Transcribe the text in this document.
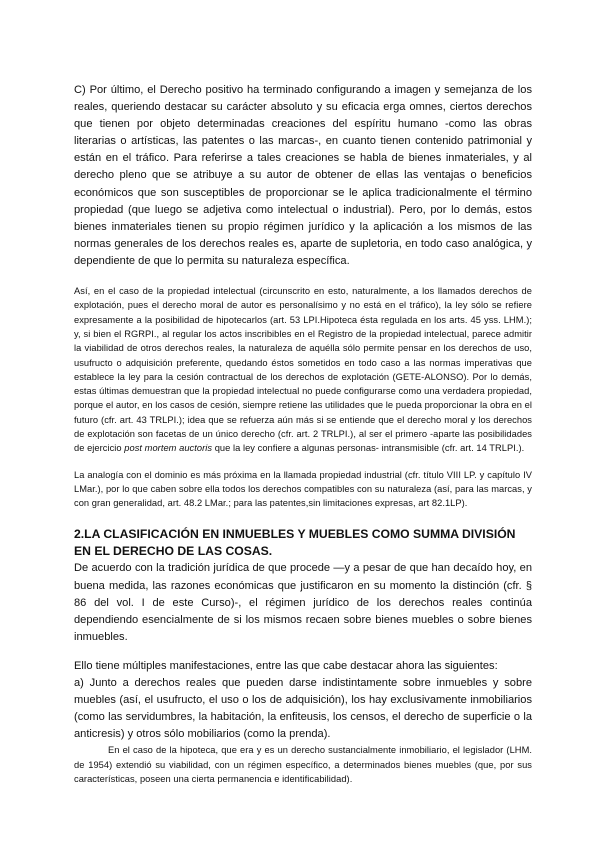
C) Por último, el Derecho positivo ha terminado configurando a imagen y semejanza de los reales, queriendo destacar su carácter absoluto y su eficacia erga omnes, ciertos derechos que tienen por objeto determinadas creaciones del espíritu humano -como las obras literarias o artísticas, las patentes o las marcas-, en cuanto tienen contenido patrimonial y están en el tráfico. Para referirse a tales creaciones se habla de bienes inmateriales, y al derecho pleno que se atribuye a su autor de obtener de ellas las ventajas o beneficios económicos que son susceptibles de proporcionar se le aplica tradicionalmente el término propiedad (que luego se adjetiva como intelectual o industrial). Pero, por lo demás, estos bienes inmateriales tienen su propio régimen jurídico y la aplicación a los mismos de las normas generales de los derechos reales es, aparte de supletoria, en todo caso analógica, y dependiente de que lo permita su naturaleza específica.

Así, en el caso de la propiedad intelectual (circunscrito en esto, naturalmente, a los llamados derechos de explotación, pues el derecho moral de autor es personalísimo y no está en el tráfico), la ley sólo se refiere expresamente a la posibilidad de hipotecarlos (art. 53 LPI.Hipoteca ésta regulada en los arts. 45 yss. LHM.); y, si bien el RGRPI., al regular los actos inscribibles en el Registro de la propiedad intelectual, parece admitir la viabilidad de otros derechos reales, la naturaleza de aquélla sólo permite pensar en los derechos de uso, usufructo o adquisición preferente, quedando éstos sometidos en todo caso a las normas imperativas que establece la ley para la cesión contractual de los derechos de explotación (GETE-ALONSO). Por lo demás, estas últimas demuestran que la propiedad intelectual no puede configurarse como una verdadera propiedad, porque el autor, en los casos de cesión, siempre retiene las utilidades que le pueda proporcionar la obra en el futuro (cfr. art. 43 TRLPI.); idea que se refuerza aún más si se entiende que el derecho moral y los derechos de explotación son facetas de un único derecho (cfr. art. 2 TRLPI.), al ser el primero -aparte las posibilidades de ejercicio post mortem auctoris que la ley confiere a algunas personas- intransmisible (cfr. art. 14 TRLPI.).

La analogía con el dominio es más próxima en la llamada propiedad industrial (cfr. título VIII LP. y capítulo IV LMar.), por lo que caben sobre ella todos los derechos compatibles con su naturaleza (así, para las marcas, y con gran generalidad, art. 48.2 LMar.; para las patentes,sin limitaciones expresas, art 82.1LP).

2.LA CLASIFICACIÓN EN INMUEBLES Y MUEBLES COMO SUMMA DIVISIÓN EN EL DERECHO DE LAS COSAS.

De acuerdo con la tradición jurídica de que procede —y a pesar de que han decaído hoy, en buena medida, las razones económicas que justificaron en su momento la distinción (cfr. § 86 del vol. I de este Curso)-, el régimen jurídico de los derechos reales continúa dependiendo esencialmente de si los mismos recaen sobre bienes muebles o sobre bienes inmuebles.

Ello tiene múltiples manifestaciones, entre las que cabe destacar ahora las siguientes:

a) Junto a derechos reales que pueden darse indistintamente sobre inmuebles y sobre muebles (así, el usufructo, el uso o los de adquisición), los hay exclusivamente inmobiliarios (como las servidumbres, la habitación, la enfiteusis, los censos, el derecho de superficie o la anticresis) y otros sólo mobiliarios (como la prenda).

En el caso de la hipoteca, que era y es un derecho sustancialmente inmobiliario, el legislador (LHM. de 1954) extendió su viabilidad, con un régimen específico, a determinados bienes muebles (que, por sus características, poseen una cierta permanencia e identificabilidad).
